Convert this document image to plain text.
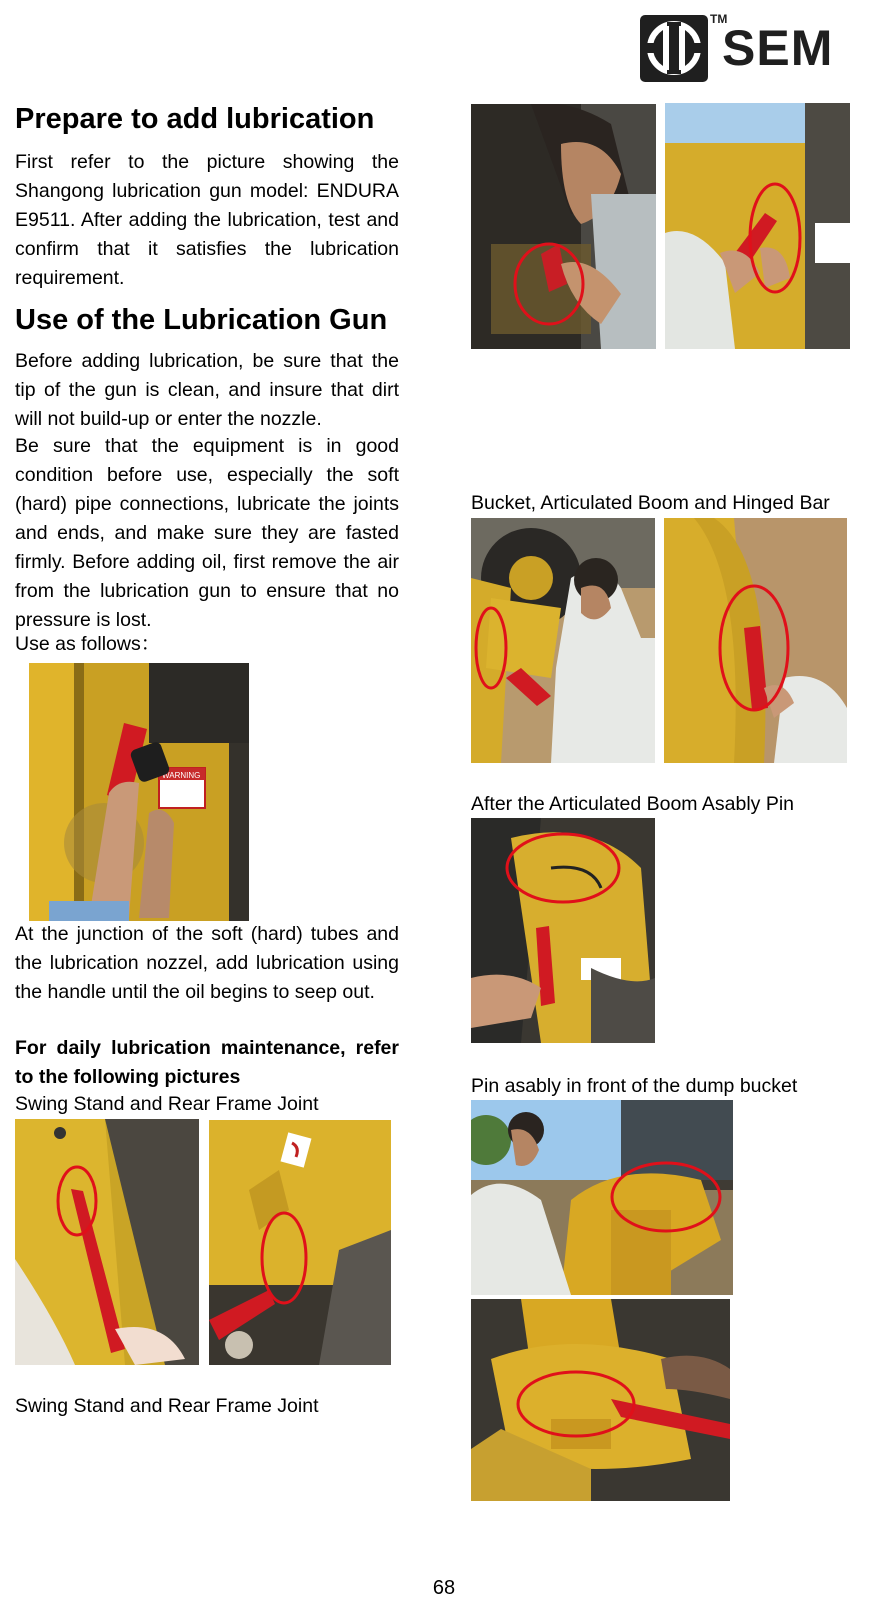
SEM
TM
Prepare to add lubrication

First refer to the picture showing the Shangong lubrication gun model: ENDURA E9511. After adding the lubrication, test and confirm that it satisfies the lubrication requirement.

Use of the Lubrication Gun

Before adding lubrication, be sure that the tip of the gun is clean, and insure that dirt will not build-up or enter the nozzle.

Be sure that the equipment is in good condition before use, especially the soft (hard) pipe connections, lubricate the joints and ends, and make sure they are fasted firmly. Before adding oil, first remove the air from the lubrication gun to ensure that no pressure is lost.

Use as follows：

WARNING

At the junction of the soft (hard) tubes and the lubrication nozzel, add lubrication using the handle until the oil begins to seep out.

For daily lubrication maintenance, refer to the following pictures

Swing Stand and Rear Frame Joint

Swing Stand and Rear Frame Joint

Bucket, Articulated Boom and Hinged Bar

After the Articulated Boom Asably Pin

Pin asably in front of the dump bucket

68
